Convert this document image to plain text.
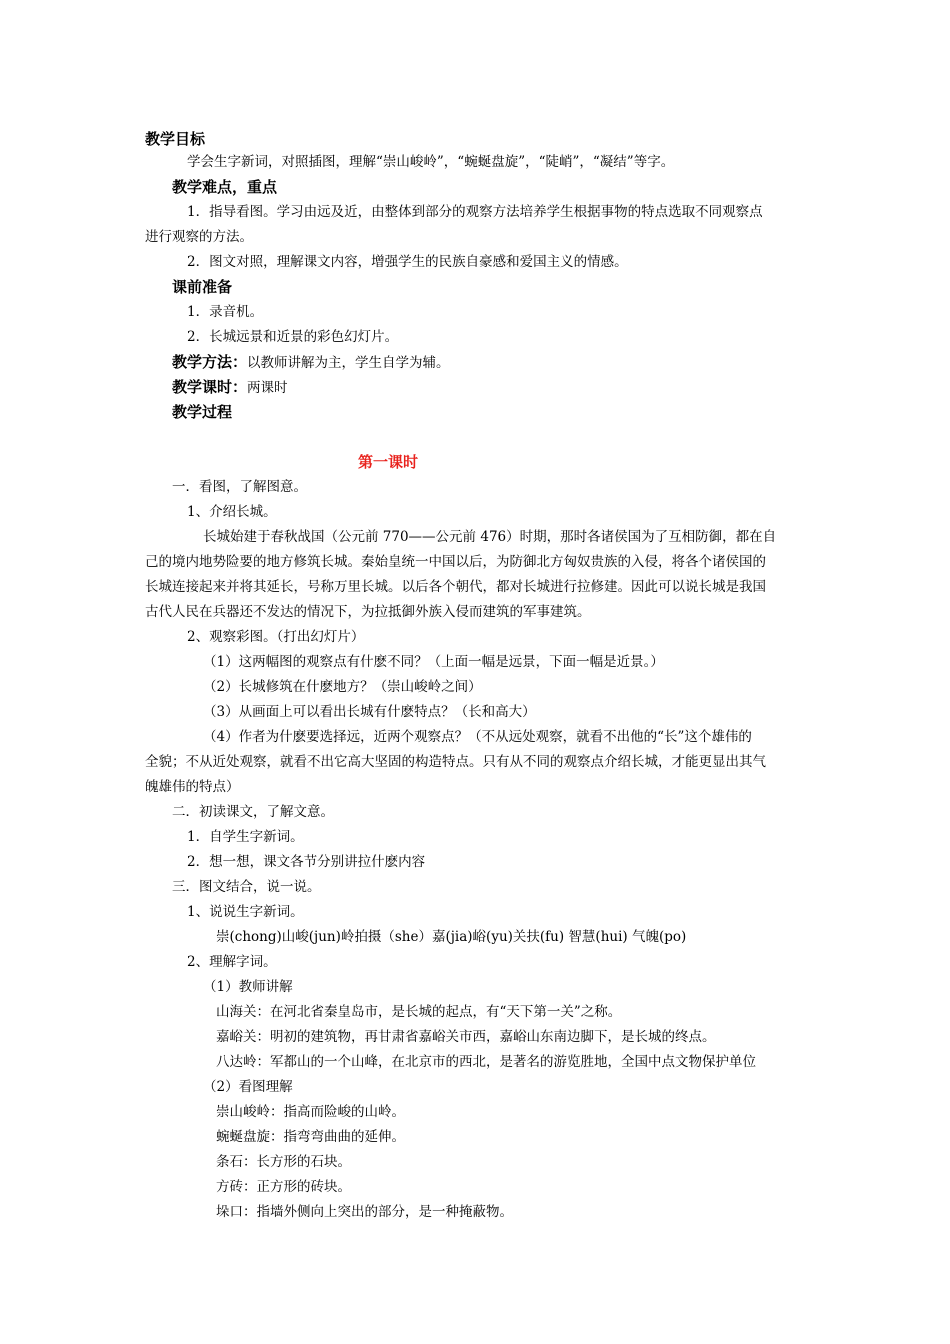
教学目标
学会生字新词，对照插图，理解“崇山峻岭”，“蜿蜒盘旋”，“陡峭”，“凝结”等字。
教学难点，重点
1．指导看图。学习由远及近，由整体到部分的观察方法培养学生根据事物的特点选取不同观察点
进行观察的方法。
2．图文对照，理解课文内容，增强学生的民族自豪感和爱国主义的情感。
课前准备
1．录音机。
2．长城远景和近景的彩色幻灯片。
教学方法：以教师讲解为主，学生自学为辅。
教学课时：两课时
教学过程
第一课时
一．看图，了解图意。
1、介绍长城。
长城始建于春秋战国（公元前 770——公元前 476）时期，那时各诸侯国为了互相防御，都在自
己的境内地势险要的地方修筑长城。秦始皇统一中国以后，为防御北方匈奴贵族的入侵，将各个诸侯国的
长城连接起来并将其延长，号称万里长城。以后各个朝代，都对长城进行拉修建。因此可以说长城是我国
古代人民在兵器还不发达的情况下，为拉抵御外族入侵而建筑的军事建筑。
2、观察彩图。（打出幻灯片）
（1）这两幅图的观察点有什麽不同？（上面一幅是远景，下面一幅是近景。）
（2）长城修筑在什麽地方？（崇山峻岭之间）
（3）从画面上可以看出长城有什麽特点？（长和高大）
（4）作者为什麽要选择远，近两个观察点？（不从远处观察，就看不出他的“长”这个雄伟的
全貌；不从近处观察，就看不出它高大坚固的构造特点。只有从不同的观察点介绍长城，才能更显出其气
魄雄伟的特点）
二．初读课文，了解文意。
1．自学生字新词。
2．想一想，课文各节分别讲拉什麽内容
三．图文结合，说一说。
1、说说生字新词。
崇(chong)山峻(jun)岭拍摄（she）嘉(jia)峪(yu)关扶(fu) 智慧(hui) 气魄(po)
2、理解字词。
（1）教师讲解
山海关：在河北省秦皇岛市，是长城的起点，有“天下第一关”之称。
嘉峪关：明初的建筑物，再甘肃省嘉峪关市西，嘉峪山东南边脚下，是长城的终点。
八达岭：军都山的一个山峰，在北京市的西北，是著名的游览胜地，全国中点文物保护单位
（2）看图理解
崇山峻岭：指高而险峻的山岭。
蜿蜒盘旋：指弯弯曲曲的延伸。
条石：长方形的石块。
方砖：正方形的砖块。
垛口：指墙外侧向上突出的部分，是一种掩蔽物。
